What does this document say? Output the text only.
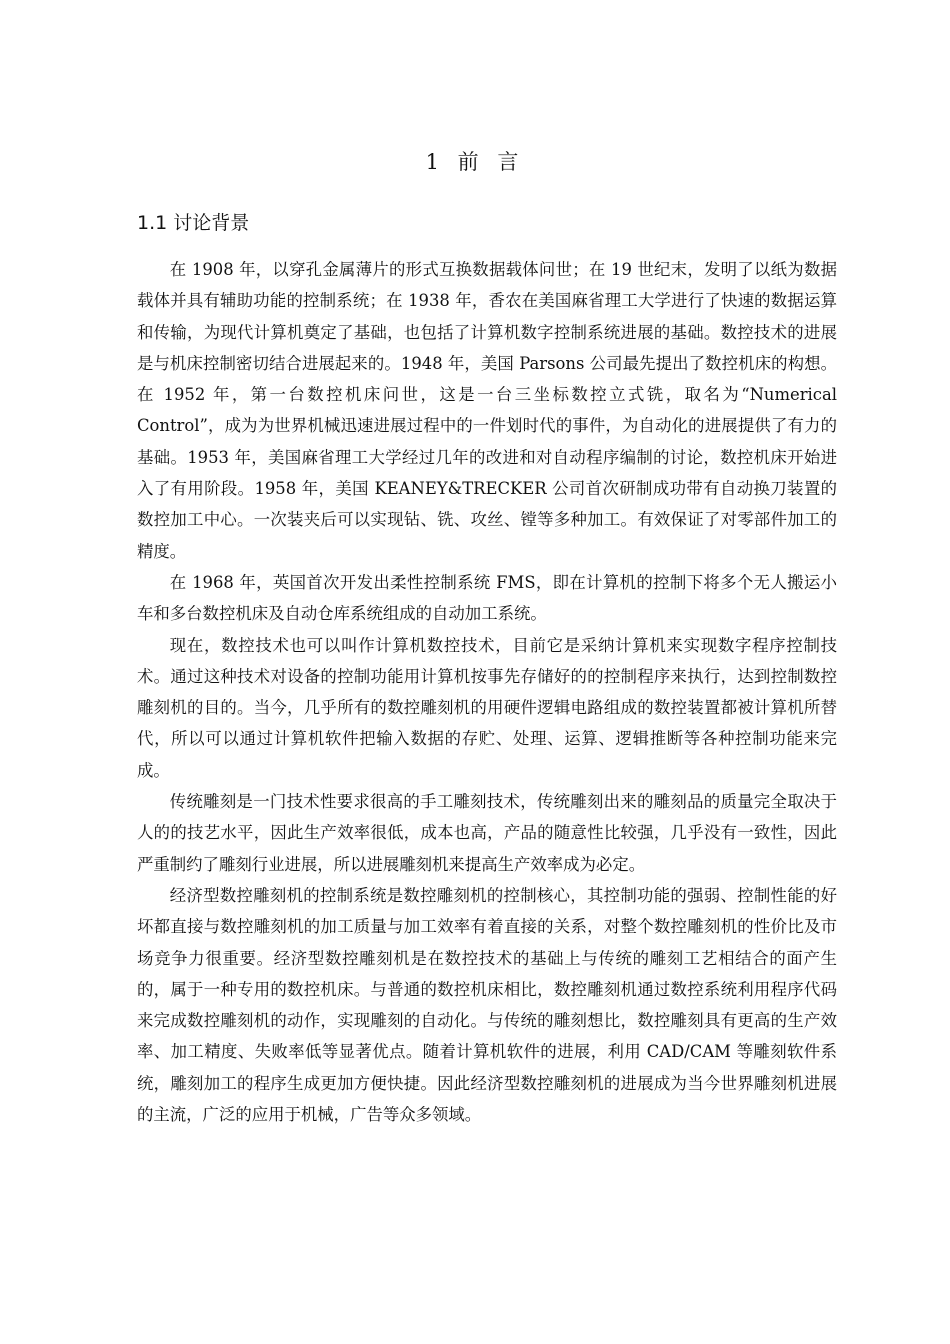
1 前 言
1.1 讨论背景

在 1908 年，以穿孔金属薄片的形式互换数据载体问世；在 19 世纪末，发明了以纸为数据载体并具有辅助功能的控制系统；在 1938 年，香农在美国麻省理工大学进行了快速的数据运算和传输，为现代计算机奠定了基础，也包括了计算机数字控制系统进展的基础。数控技术的进展是与机床控制密切结合进展起来的。1948 年，美国 Parsons 公司最先提出了数控机床的构想。在 1952 年，第一台数控机床问世，这是一台三坐标数控立式铣，取名为“Numerical Control”，成为为世界机械迅速进展过程中的一件划时代的事件，为自动化的进展提供了有力的基础。1953 年，美国麻省理工大学经过几年的改进和对自动程序编制的讨论，数控机床开始进入了有用阶段。1958 年，美国 KEANEY&TRECKER 公司首次研制成功带有自动换刀装置的数控加工中心。一次装夹后可以实现钻、铣、攻丝、镗等多种加工。有效保证了对零部件加工的精度。

在 1968 年，英国首次开发出柔性控制系统 FMS，即在计算机的控制下将多个无人搬运小车和多台数控机床及自动仓库系统组成的自动加工系统。

现在，数控技术也可以叫作计算机数控技术，目前它是采纳计算机来实现数字程序控制技术。通过这种技术对设备的控制功能用计算机按事先存储好的的控制程序来执行，达到控制数控雕刻机的目的。当今，几乎所有的数控雕刻机的用硬件逻辑电路组成的数控装置都被计算机所替代，所以可以通过计算机软件把输入数据的存贮、处理、运算、逻辑推断等各种控制功能来完成。

传统雕刻是一门技术性要求很高的手工雕刻技术，传统雕刻出来的雕刻品的质量完全取决于人的的技艺水平，因此生产效率很低，成本也高，产品的随意性比较强，几乎没有一致性，因此严重制约了雕刻行业进展，所以进展雕刻机来提高生产效率成为必定。

经济型数控雕刻机的控制系统是数控雕刻机的控制核心，其控制功能的强弱、控制性能的好坏都直接与数控雕刻机的加工质量与加工效率有着直接的关系，对整个数控雕刻机的性价比及市场竞争力很重要。经济型数控雕刻机是在数控技术的基础上与传统的雕刻工艺相结合的面产生的，属于一种专用的数控机床。与普通的数控机床相比，数控雕刻机通过数控系统利用程序代码来完成数控雕刻机的动作，实现雕刻的自动化。与传统的雕刻想比，数控雕刻具有更高的生产效率、加工精度、失败率低等显著优点。随着计算机软件的进展，利用 CAD/CAM 等雕刻软件系统，雕刻加工的程序生成更加方便快捷。因此经济型数控雕刻机的进展成为当今世界雕刻机进展的主流，广泛的应用于机械，广告等众多领域。
